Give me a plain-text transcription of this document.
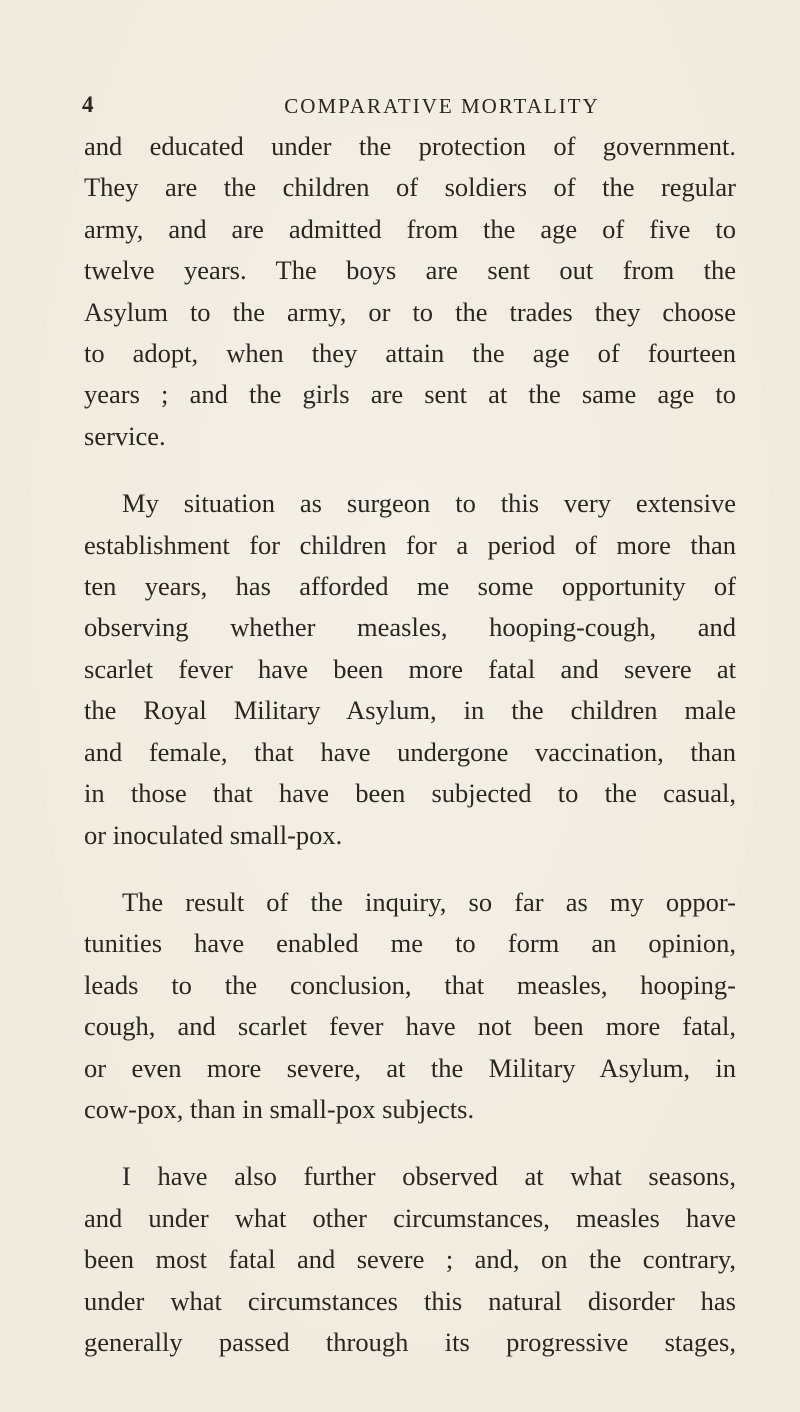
4	COMPARATIVE MORTALITY

and educated under the protection of government.
They are the children of soldiers of the regular
army, and are admitted from the age of five to
twelve years. The boys are sent out from the
Asylum to the army, or to the trades they choose
to adopt, when they attain the age of fourteen
years ; and the girls are sent at the same age to
service.

My situation as surgeon to this very extensive
establishment for children for a period of more than
ten years, has afforded me some opportunity of
observing whether measles, hooping-cough, and
scarlet fever have been more fatal and severe at
the Royal Military Asylum, in the children male
and female, that have undergone vaccination, than
in those that have been subjected to the casual,
or inoculated small-pox.

The result of the inquiry, so far as my oppor-
tunities have enabled me to form an opinion,
leads to the conclusion, that measles, hooping-
cough, and scarlet fever have not been more fatal,
or even more severe, at the Military Asylum, in
cow-pox, than in small-pox subjects.

I have also further observed at what seasons,
and under what other circumstances, measles have
been most fatal and severe ; and, on the contrary,
under what circumstances this natural disorder has
generally passed through its progressive stages,
